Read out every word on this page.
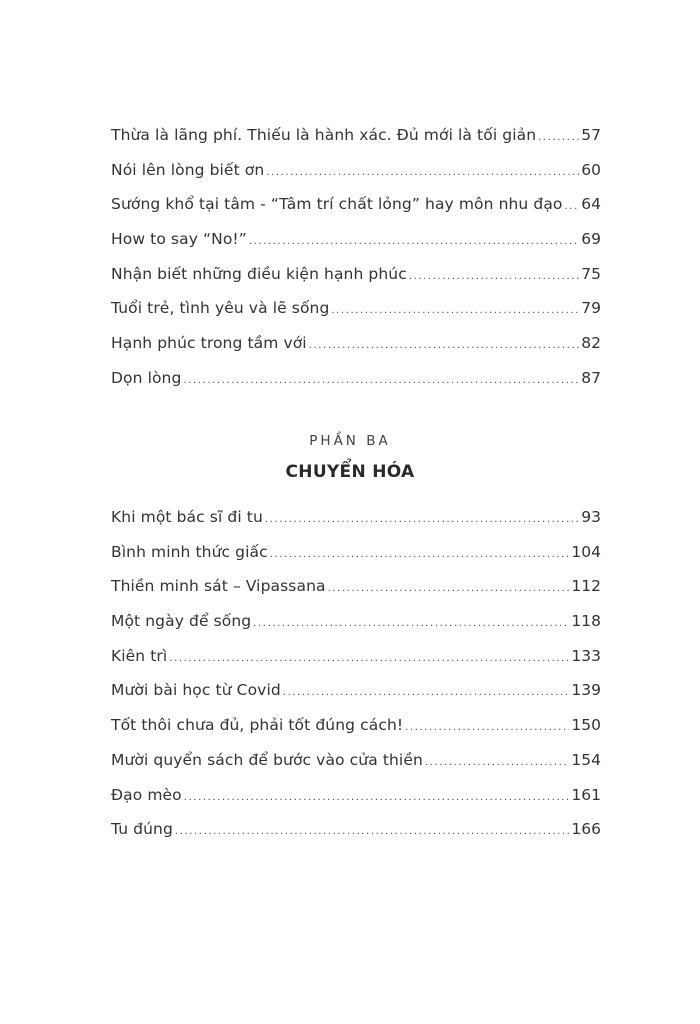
Thừa là lãng phí. Thiếu là hành xác. Đủ mới là tối giản .....	57
Nói lên lòng biết ơn .....	60
Sướng khổ tại tâm - “Tâm trí chất lỏng” hay môn nhu đạo ..... 64
How to say “No!” .....	69
Nhận biết những điều kiện hạnh phúc .....	75
Tuổi trẻ, tình yêu và lẽ sống .....	79
Hạnh phúc trong tầm với .....	82
Dọn lòng .....	87
PHẦN BA
CHUYỂN HÓA
Khi một bác sĩ đi tu .....	93
Bình minh thức giấc .....	104
Thiền minh sát – Vipassana .....	112
Một ngày để sống .....	118
Kiên trì .....	133
Mười bài học từ Covid .....	139
Tốt thôi chưa đủ, phải tốt đúng cách! .....	150
Mười quyển sách để bước vào cửa thiền .....	154
Đạo mèo .....	161
Tu đúng .....	166
